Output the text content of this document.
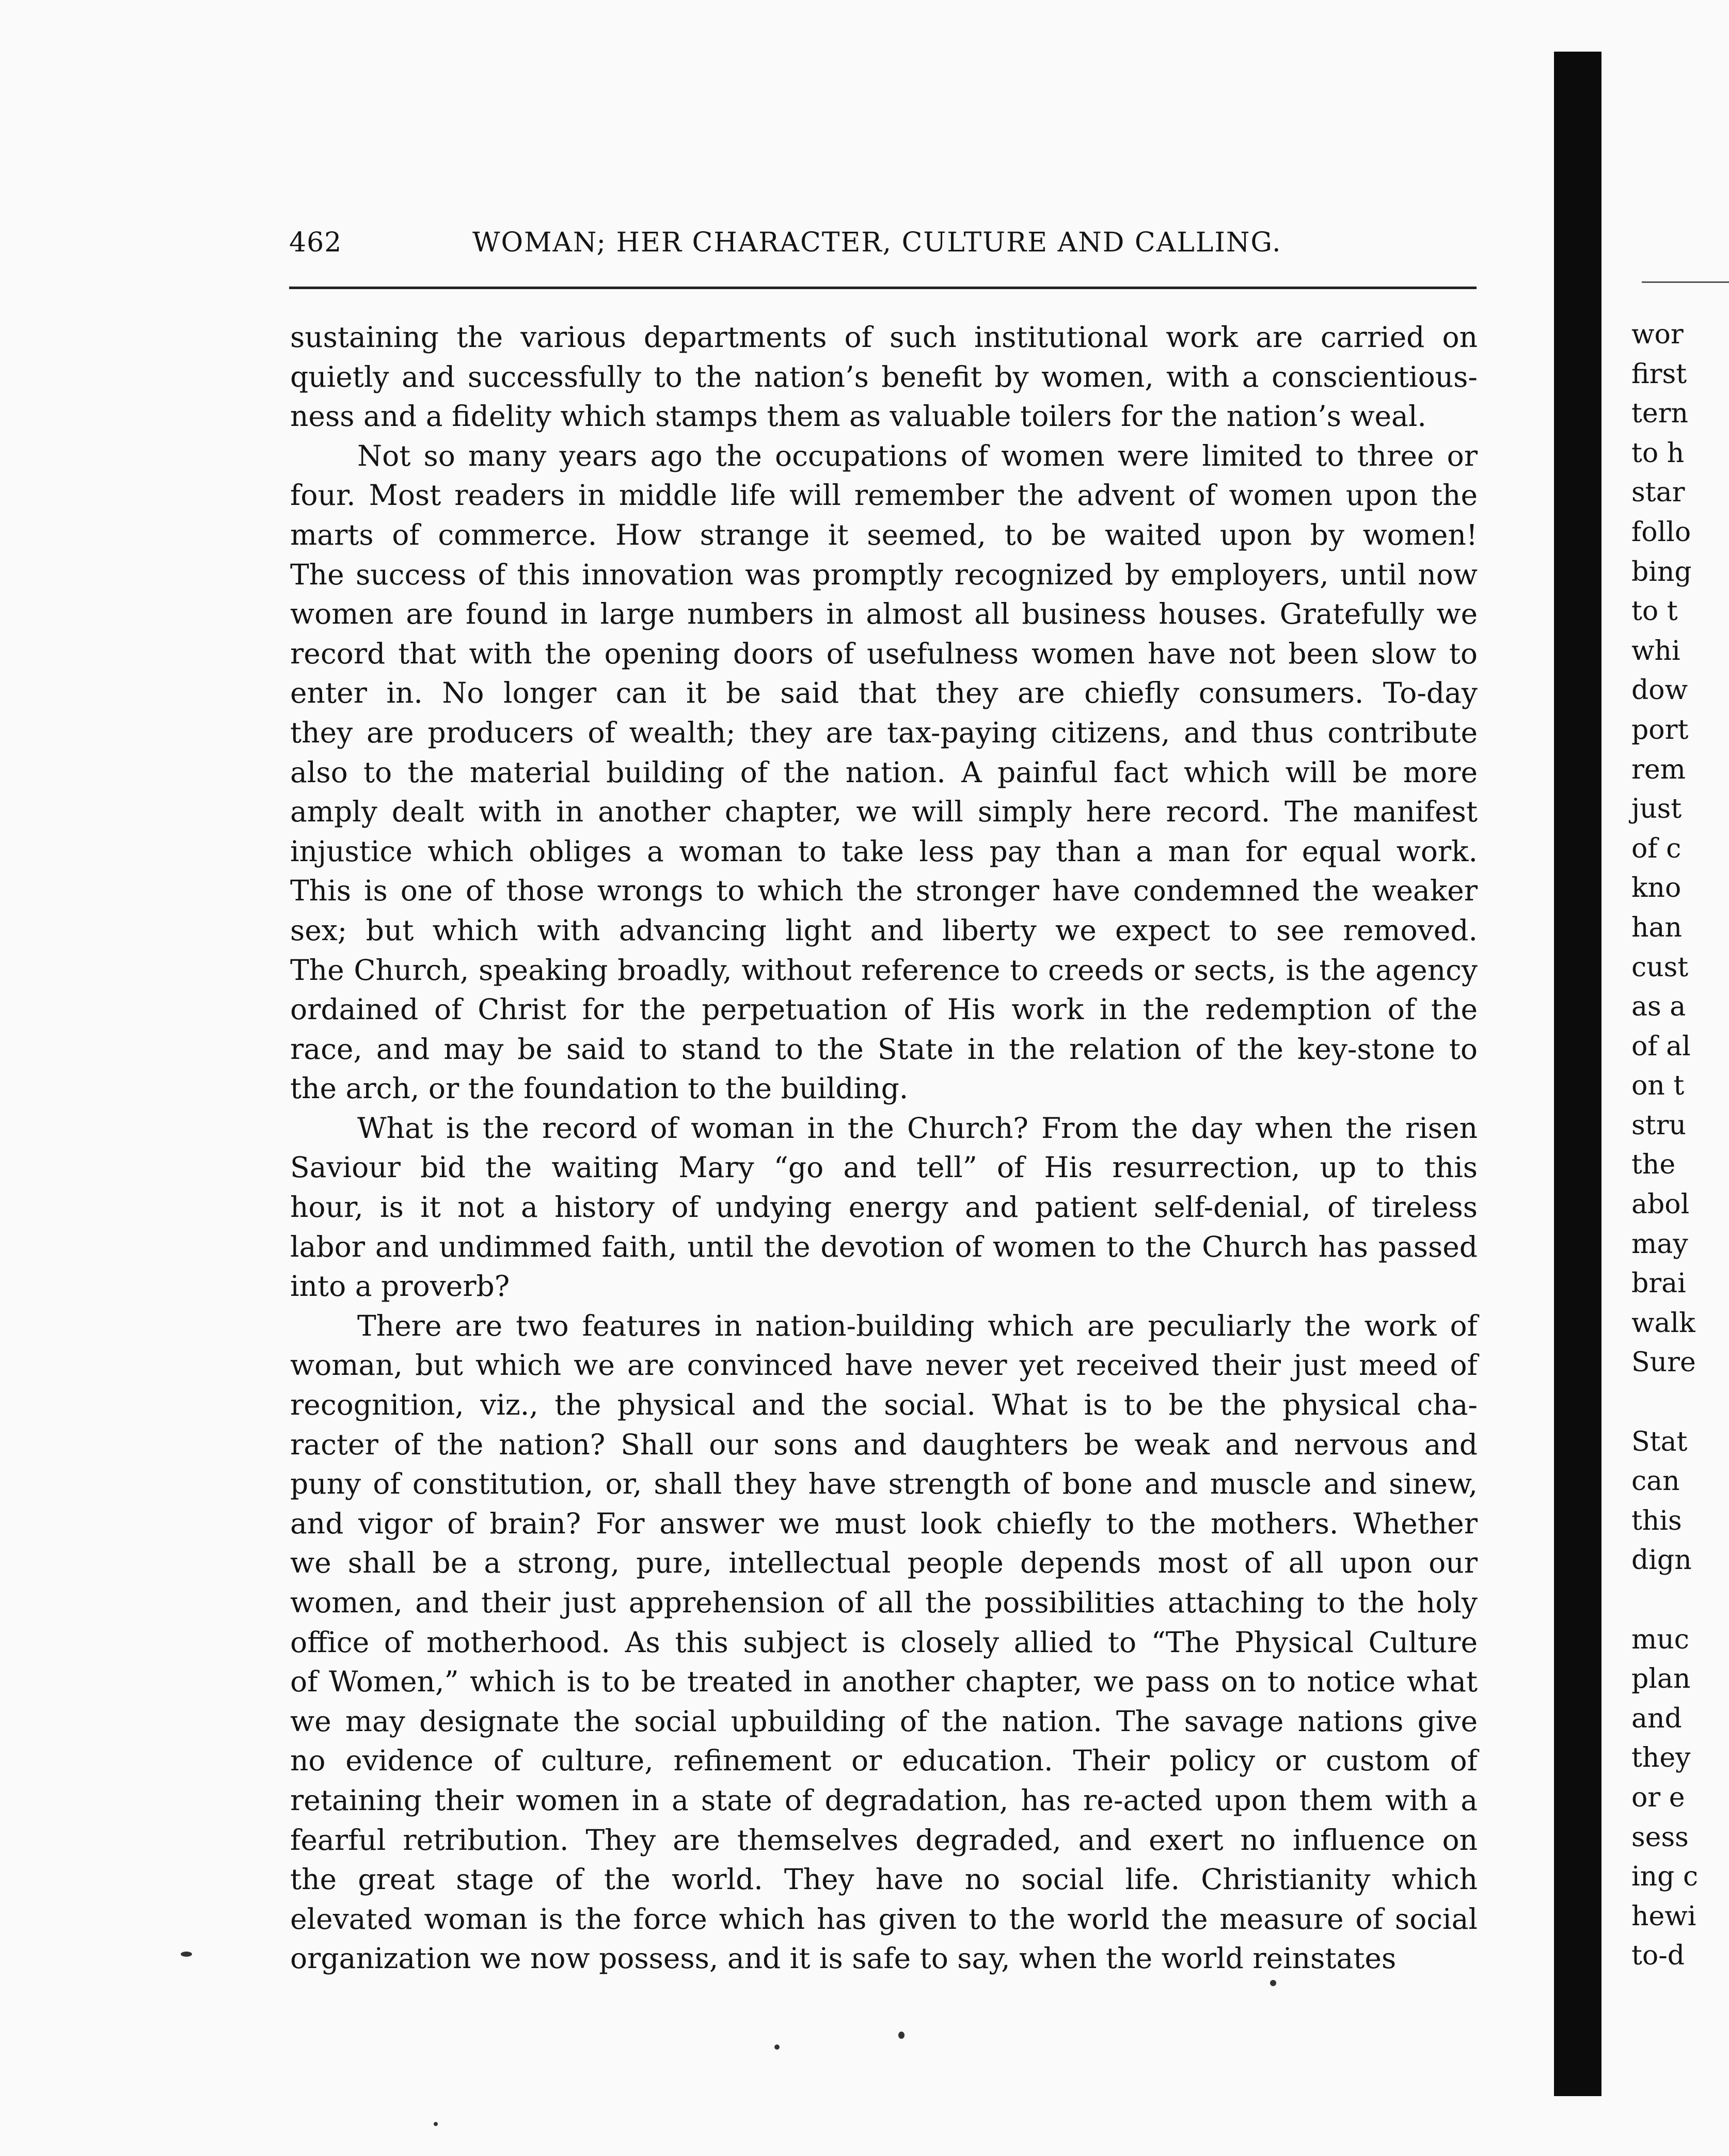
462	WOMAN; HER CHARACTER, CULTURE AND CALLING.

sustaining the various departments of such institutional work are carried on

quietly and successfully to the nation’s benefit by women, with a conscientious-

ness and a fidelity which stamps them as valuable toilers for the nation’s weal.

Not so many years ago the occupations of women were limited to three or

four. Most readers in middle life will remember the advent of women upon the

marts of commerce. How strange it seemed, to be waited upon by women!

The success of this innovation was promptly recognized by employers, until now

women are found in large numbers in almost all business houses. Gratefully we

record that with the opening doors of usefulness women have not been slow to

enter in. No longer can it be said that they are chiefly consumers. To-day

they are producers of wealth; they are tax-paying citizens, and thus contribute

also to the material building of the nation. A painful fact which will be more

amply dealt with in another chapter, we will simply here record. The manifest

injustice which obliges a woman to take less pay than a man for equal work.

This is one of those wrongs to which the stronger have condemned the weaker

sex; but which with advancing light and liberty we expect to see removed.

The Church, speaking broadly, without reference to creeds or sects, is the agency

ordained of Christ for the perpetuation of His work in the redemption of the

race, and may be said to stand to the State in the relation of the key-stone to

the arch, or the foundation to the building.

What is the record of woman in the Church? From the day when the risen

Saviour bid the waiting Mary “go and tell” of His resurrection, up to this

hour, is it not a history of undying energy and patient self-denial, of tireless

labor and undimmed faith, until the devotion of women to the Church has passed

into a proverb?

There are two features in nation-building which are peculiarly the work of

woman, but which we are convinced have never yet received their just meed of

recognition, viz., the physical and the social. What is to be the physical cha-

racter of the nation? Shall our sons and daughters be weak and nervous and

puny of constitution, or, shall they have strength of bone and muscle and sinew,

and vigor of brain? For answer we must look chiefly to the mothers. Whether

we shall be a strong, pure, intellectual people depends most of all upon our

women, and their just apprehension of all the possibilities attaching to the holy

office of motherhood. As this subject is closely allied to “The Physical Culture

of Women,” which is to be treated in another chapter, we pass on to notice what

we may designate the social upbuilding of the nation. The savage nations give

no evidence of culture, refinement or education. Their policy or custom of

retaining their women in a state of degradation, has re-acted upon them with a

fearful retribution. They are themselves degraded, and exert no influence on

the great stage of the world. They have no social life. Christianity which

elevated woman is the force which has given to the world the measure of social

organization we now possess, and it is safe to say, when the world reinstates

wor
first
tern
to h
star
follo
bing
to t
whi
dow
port
rem
just
of c
kno
han
cust
as a
of al
on t
stru
the
abol
may
brai
walk
Sure
Stat
can
this
dign
muc
plan
and
they
or e
sess
ing c
hewi
to-d
